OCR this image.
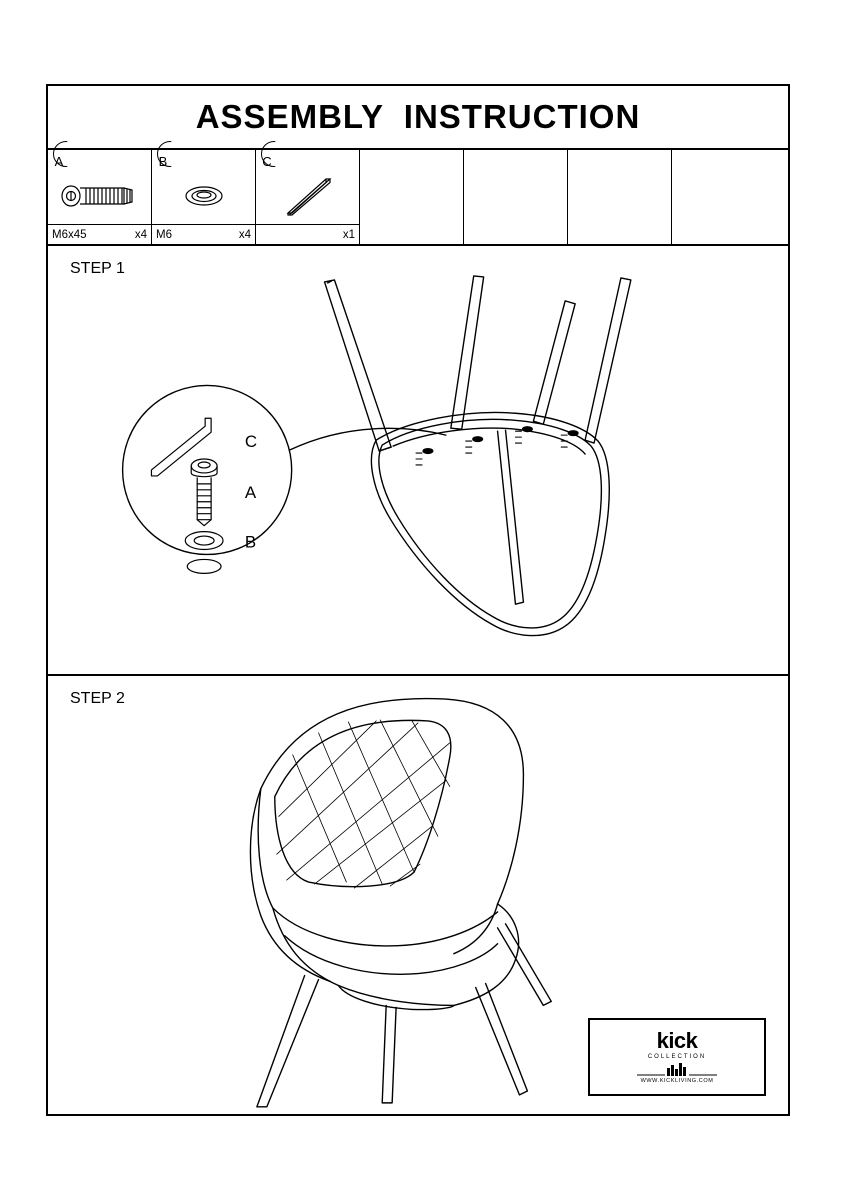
ASSEMBLY  INSTRUCTION
A
M6x45	x4
B
M6	x4
C
x1
STEP 1
C
A
B
STEP 2
kick
COLLECTION
WWW.KICKLIVING.COM
